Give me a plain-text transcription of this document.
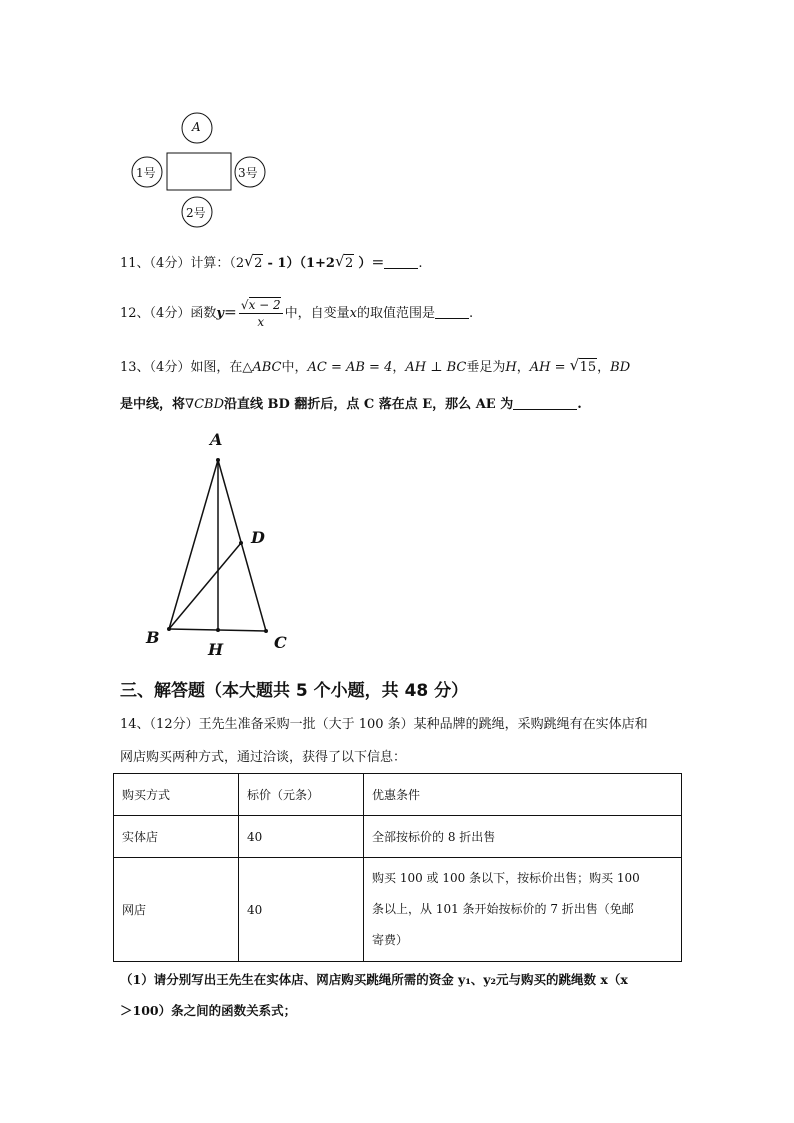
A
1号	3号
2号
11、（4分）计算：（2 √ 2 - 1）（1+2 √ 2 ）＝	.
12、（4分）函数$y= \frac{√x - 2}{x}$ 中，自变量x的取值范围是	.
13、（4分）如图，在△ABC中，AC = AB = 4，AH ⊥ BC垂足为H，AH = √ 15，BD
是中线，将∇CBD沿直线 BD 翻折后，点 C 落在点 E，那么 AE 为	.
A
B	C
D
H
三、解答题（本大题共 5 个小题，共 48 分）
14、（12分）王先生准备采购一批（大于 100 条）某种品牌的跳绳，采购跳绳有在实体店和
网店购买两种方式，通过洽谈，获得了以下信息：
购买方式	标价（元条）	优惠条件
实体店	40	全部按标价的 8 折出售
网店	40	购买 100 或 100 条以下，按标价出售；购买 100
条以上，从 101 条开始按标价的 7 折出售（免邮
寄费）
（1）请分别写出王先生在实体店、网店购买跳绳所需的资金 y₁、y₂元与购买的跳绳数 x（x
＞100）条之间的函数关系式；
